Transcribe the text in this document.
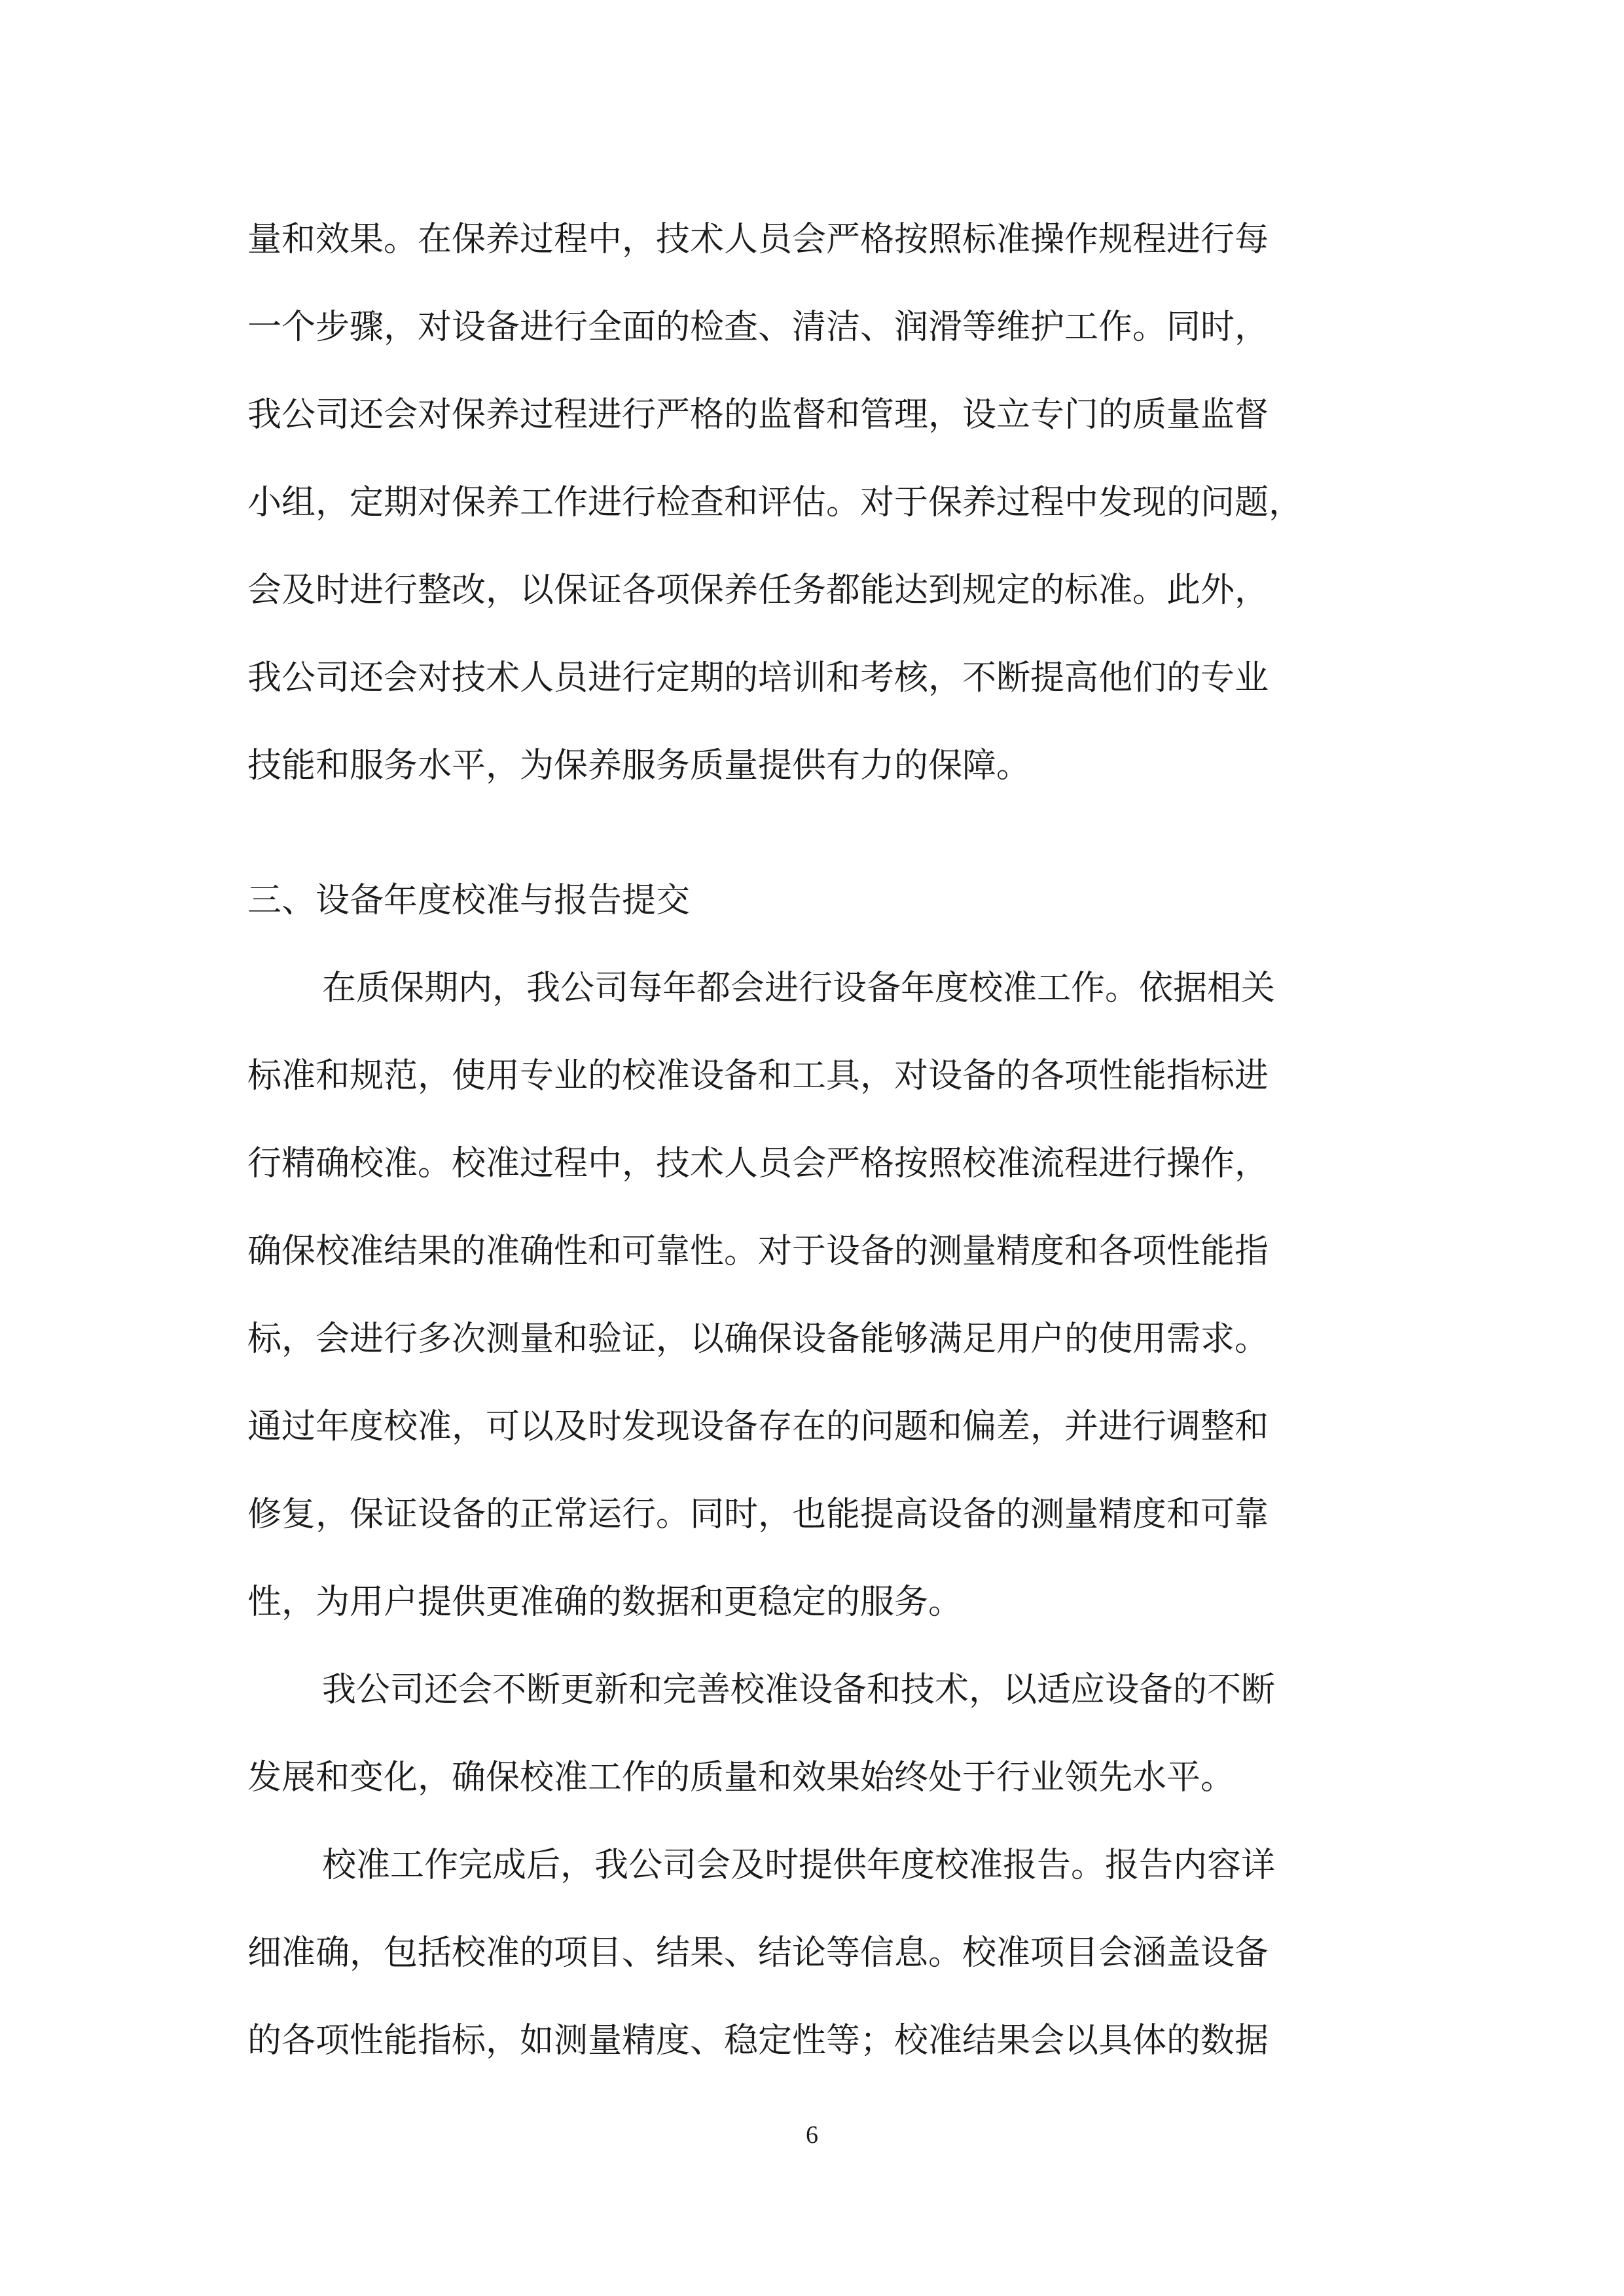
量和效果。在保养过程中，技术人员会严格按照标准操作规程进行每
一个步骤，对设备进行全面的检查、清洁、润滑等维护工作。同时，
我公司还会对保养过程进行严格的监督和管理，设立专门的质量监督
小组，定期对保养工作进行检查和评估。对于保养过程中发现的问题，
会及时进行整改，以保证各项保养任务都能达到规定的标准。此外，
我公司还会对技术人员进行定期的培训和考核，不断提高他们的专业
技能和服务水平，为保养服务质量提供有力的保障。
三、设备年度校准与报告提交
在质保期内，我公司每年都会进行设备年度校准工作。依据相关
标准和规范，使用专业的校准设备和工具，对设备的各项性能指标进
行精确校准。校准过程中，技术人员会严格按照校准流程进行操作，
确保校准结果的准确性和可靠性。对于设备的测量精度和各项性能指
标，会进行多次测量和验证，以确保设备能够满足用户的使用需求。
通过年度校准，可以及时发现设备存在的问题和偏差，并进行调整和
修复，保证设备的正常运行。同时，也能提高设备的测量精度和可靠
性，为用户提供更准确的数据和更稳定的服务。
我公司还会不断更新和完善校准设备和技术，以适应设备的不断
发展和变化，确保校准工作的质量和效果始终处于行业领先水平。
校准工作完成后，我公司会及时提供年度校准报告。报告内容详
细准确，包括校准的项目、结果、结论等信息。校准项目会涵盖设备
的各项性能指标，如测量精度、稳定性等；校准结果会以具体的数据
6
